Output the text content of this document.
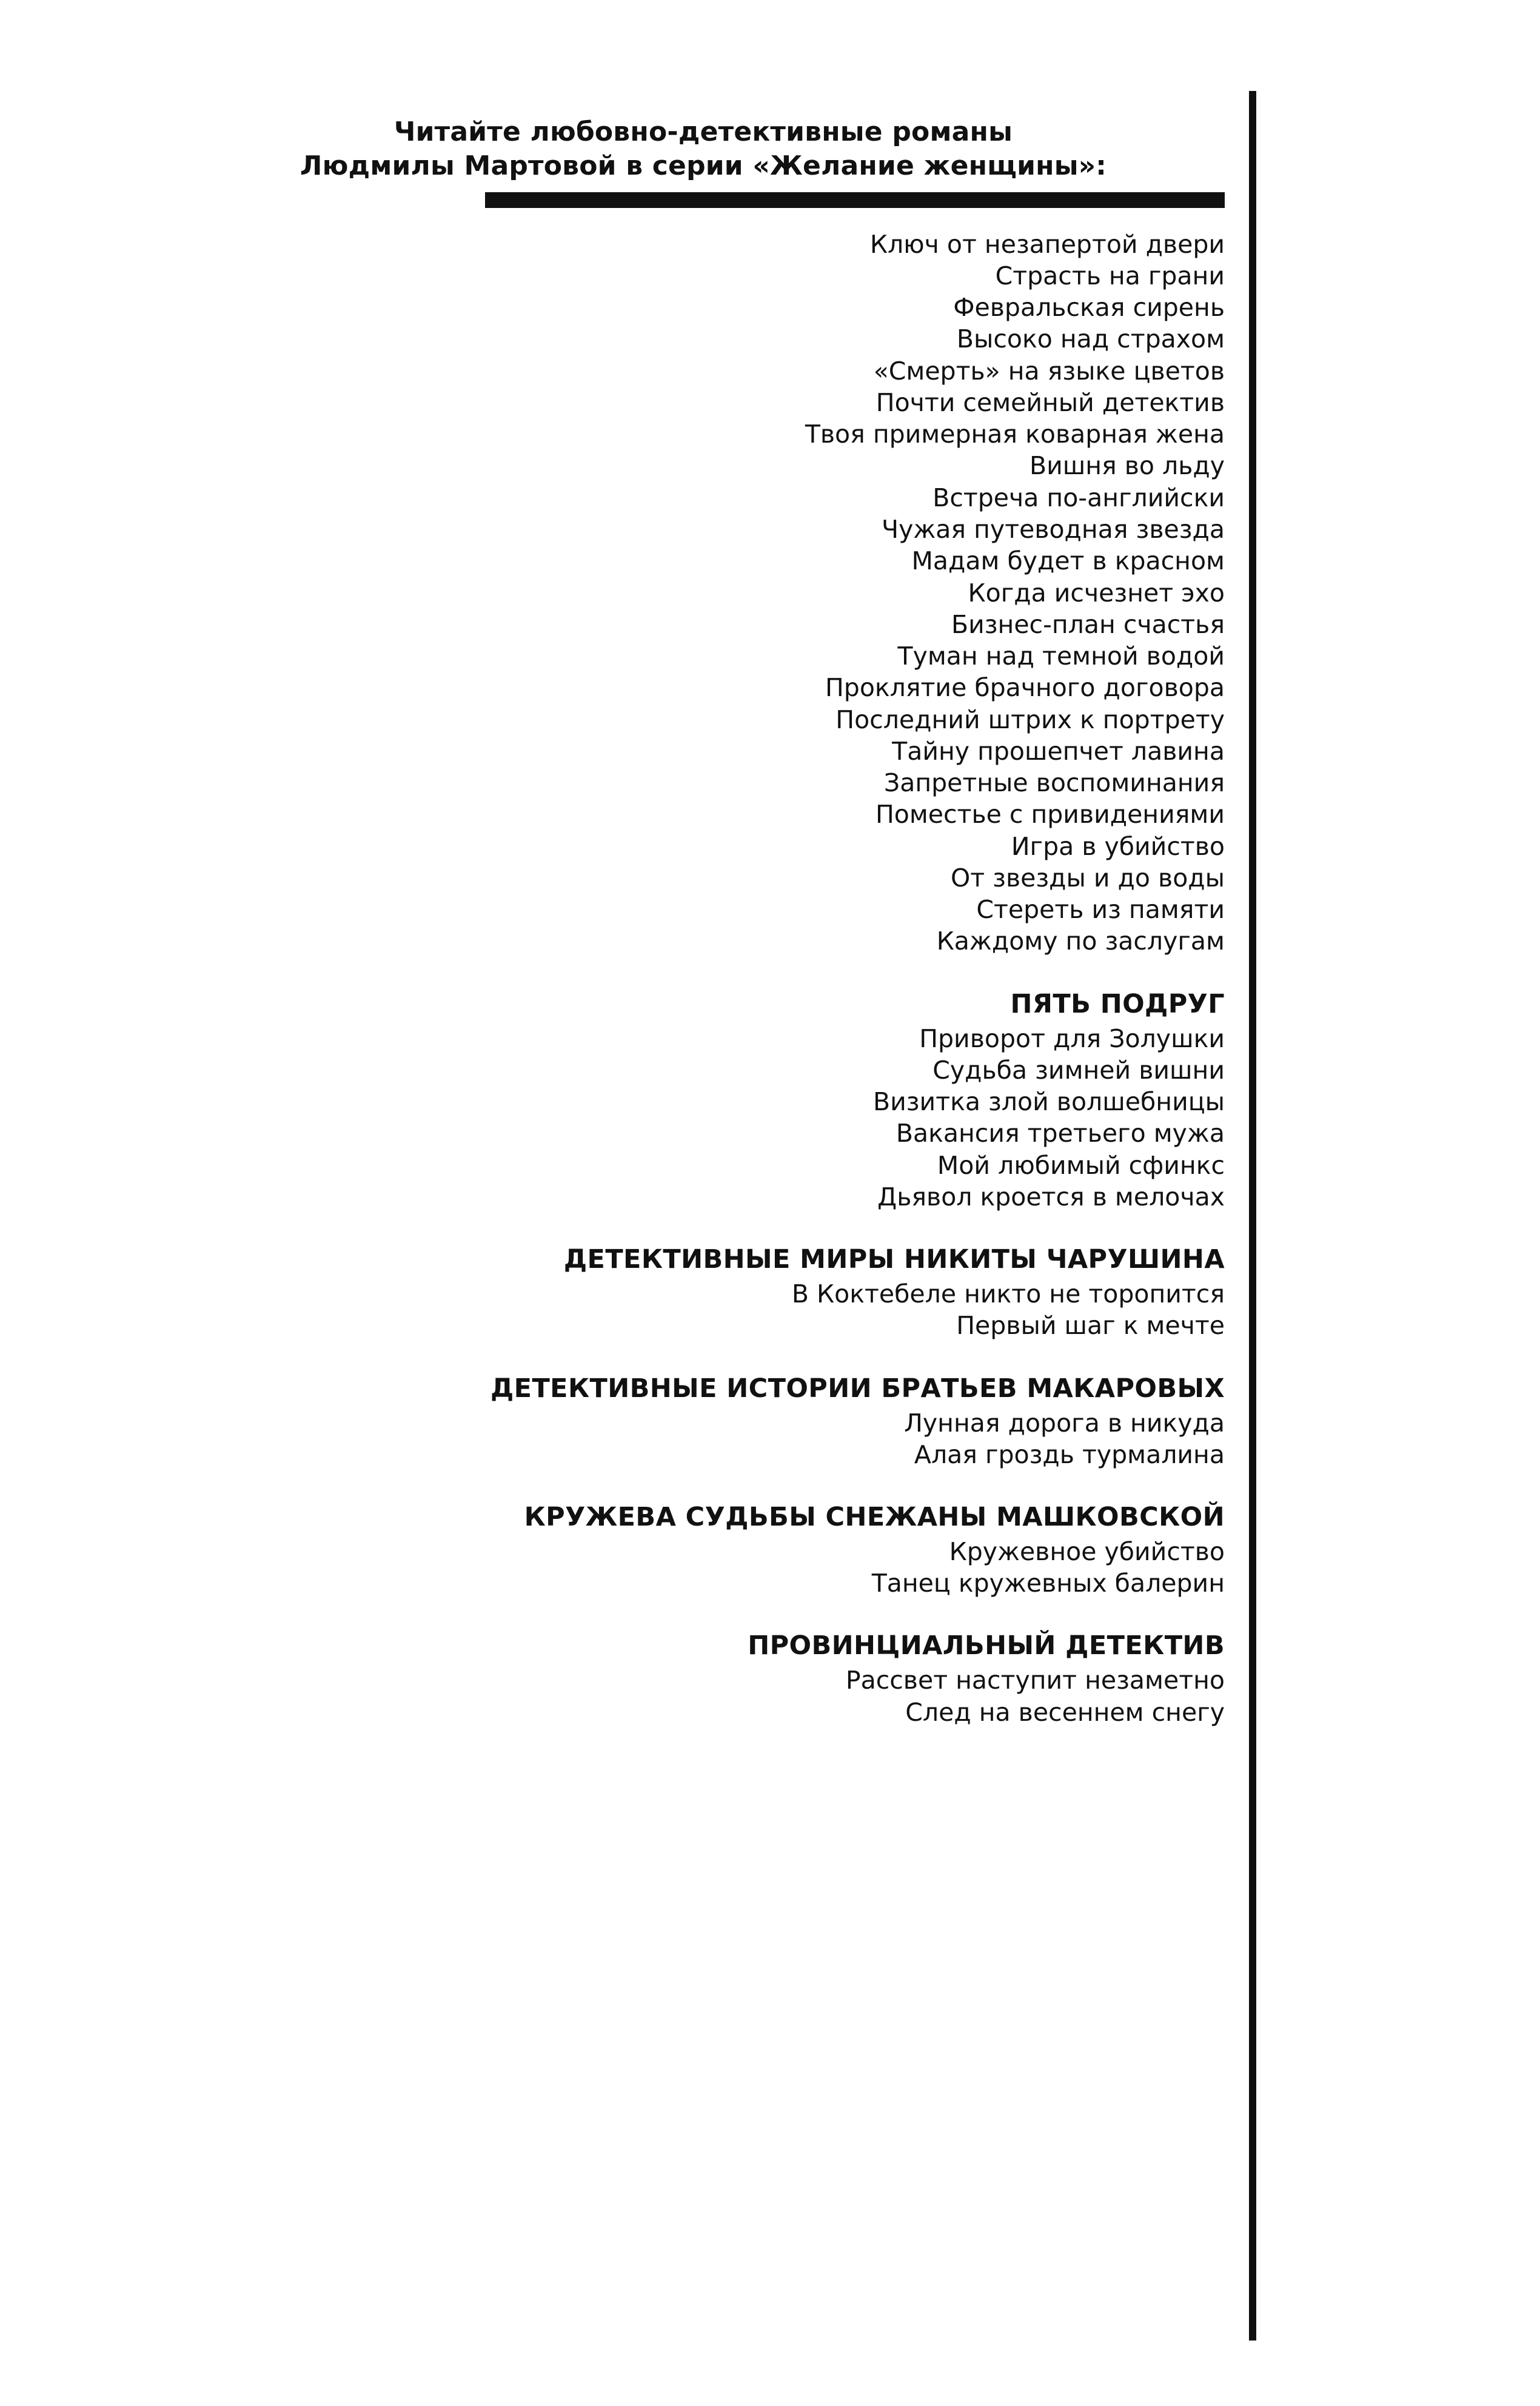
Читайте любовно-детективные романы
Людмилы Мартовой в серии «Желание женщины»:
Ключ от незапертой двери
Страсть на грани
Февральская сирень
Высоко над страхом
«Смерть» на языке цветов
Почти семейный детектив
Твоя примерная коварная жена
Вишня во льду
Встреча по-английски
Чужая путеводная звезда
Мадам будет в красном
Когда исчезнет эхо
Бизнес-план счастья
Туман над темной водой
Проклятие брачного договора
Последний штрих к портрету
Тайну прошепчет лавина
Запретные воспоминания
Поместье с привидениями
Игра в убийство
От звезды и до воды
Стереть из памяти
Каждому по заслугам
ПЯТЬ ПОДРУГ
Приворот для Золушки
Судьба зимней вишни
Визитка злой волшебницы
Вакансия третьего мужа
Мой любимый сфинкс
Дьявол кроется в мелочах
ДЕТЕКТИВНЫЕ МИРЫ НИКИТЫ ЧАРУШИНА
В Коктебеле никто не торопится
Первый шаг к мечте
ДЕТЕКТИВНЫЕ ИСТОРИИ БРАТЬЕВ МАКАРОВЫХ
Лунная дорога в никуда
Алая гроздь турмалина
КРУЖЕВА СУДЬБЫ СНЕЖАНЫ МАШКОВСКОЙ
Кружевное убийство
Танец кружевных балерин
ПРОВИНЦИАЛЬНЫЙ ДЕТЕКТИВ
Рассвет наступит незаметно
След на весеннем снегу
